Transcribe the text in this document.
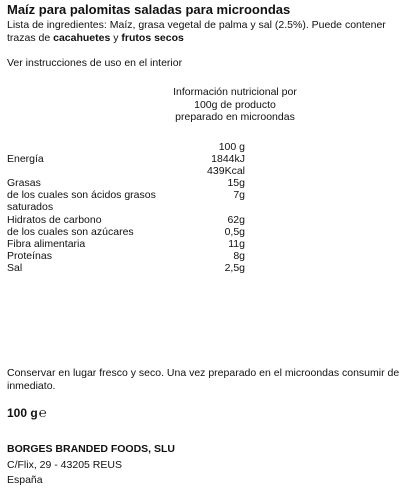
Maíz para palomitas saladas para microondas
Lista de ingredientes: Maíz, grasa vegetal de palma y sal (2.5%). Puede contener trazas de cacahuetes y frutos secos
Ver instrucciones de uso en el interior
Información nutricional por 100g de producto preparado en microondas
100 g
Energía	1844kJ
439Kcal
Grasas	15g
de los cuales son ácidos grasos	7g
saturados
Hidratos de carbono	62g
de los cuales son azúcares	0,5g
Fibra alimentaria	11g
Proteínas	8g
Sal	2,5g
Conservar en lugar fresco y seco. Una vez preparado en el microondas consumir de inmediato.
100 g℮
BORGES BRANDED FOODS, SLU
C/Flix, 29 - 43205 REUS
España
